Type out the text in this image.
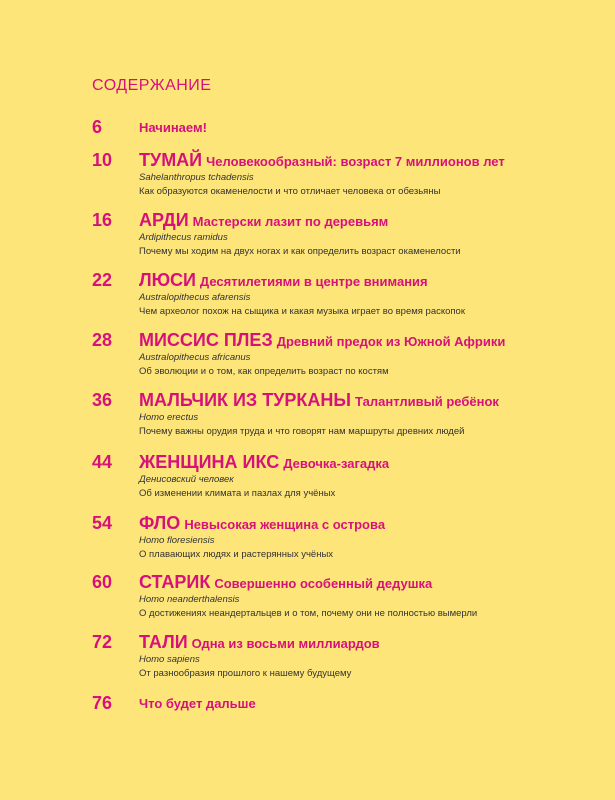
СОДЕРЖАНИЕ
6	Начинаем!
10 ТУМАЙ Человекообразный: возраст 7 миллионов лет
Sahelanthropus tchadensis
Как образуются окаменелости и что отличает человека от обезьяны
16 АРДИ Мастерски лазит по деревьям
Ardipithecus ramidus
Почему мы ходим на двух ногах и как определить возраст окаменелости
22 ЛЮСИ Десятилетиями в центре внимания
Australopithecus afarensis
Чем археолог похож на сыщика и какая музыка играет во время раскопок
28 МИССИС ПЛЕЗ Древний предок из Южной Африки
Australopithecus africanus
Об эволюции и о том, как определить возраст по костям
36 МАЛЬЧИК ИЗ ТУРКАНЫ Талантливый ребёнок
Homo erectus
Почему важны орудия труда и что говорят нам маршруты древних людей
44 ЖЕНЩИНА ИКС Девочка-загадка
Денисовский человек
Об изменении климата и пазлах для учёных
54 ФЛО Невысокая женщина с острова
Homo floresiensis
О плавающих людях и растерянных учёных
60 СТАРИК Совершенно особенный дедушка
Homo neanderthalensis
О достижениях неандертальцев и о том, почему они не полностью вымерли
72 ТАЛИ Одна из восьми миллиардов
Homo sapiens
От разнообразия прошлого к нашему будущему
76 Что будет дальше
